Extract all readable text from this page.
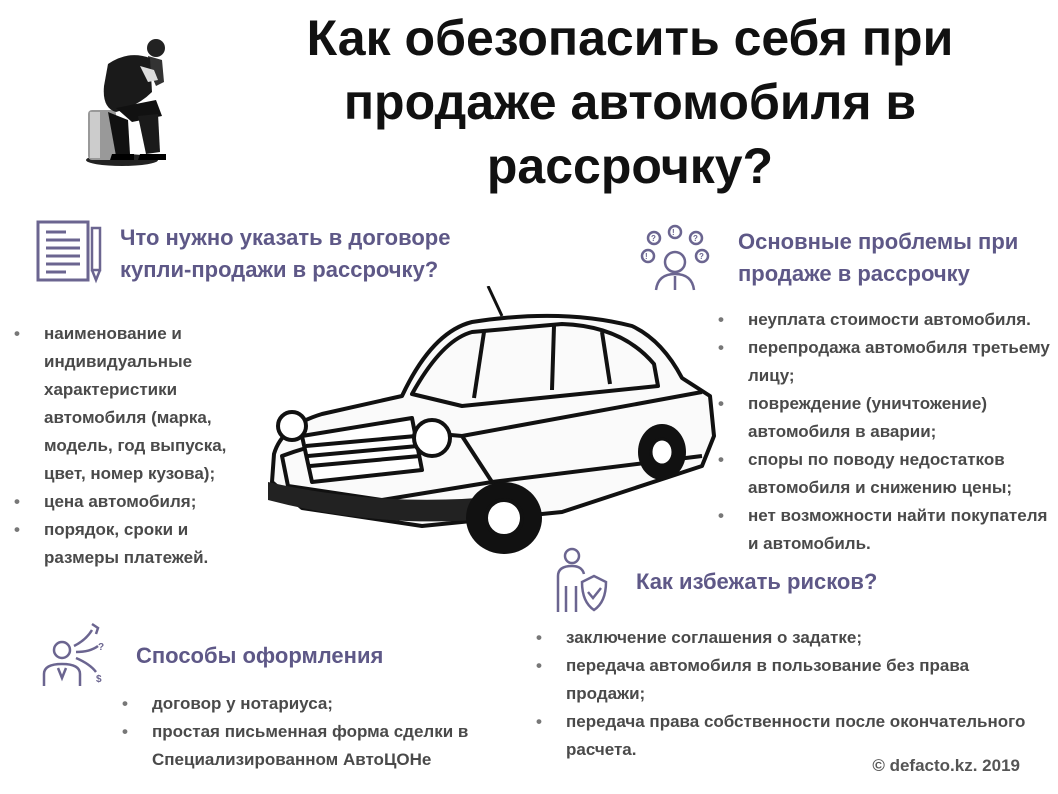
Как обезопасить себя при продаже автомобиля в рассрочку?
Что нужно указать в договоре купли-продажи в рассрочку?
• наименование и индивидуальные характеристики автомобиля (марка, модель, год выпуска, цвет, номер кузова);
• цена автомобиля;
• порядок, сроки и размеры платежей.
?
!
?
!	?
Основные проблемы при продаже в рассрочку
• неуплата стоимости автомобиля.
• перепродажа автомобиля третьему лицу;
• повреждение (уничтожение) автомобиля в аварии;
• споры по поводу недостатков автомобиля и снижению цены;
• нет возможности найти покупателя и автомобиль.
Как избежать рисков?
• заключение соглашения о задатке;
• передача автомобиля в пользование без права продажи;
• передача права собственности после окончательного расчета.
?
$
Способы оформления
• договор у нотариуса;
• простая письменная форма сделки в Специализированном АвтоЦОНе	© defacto.kz. 2019
